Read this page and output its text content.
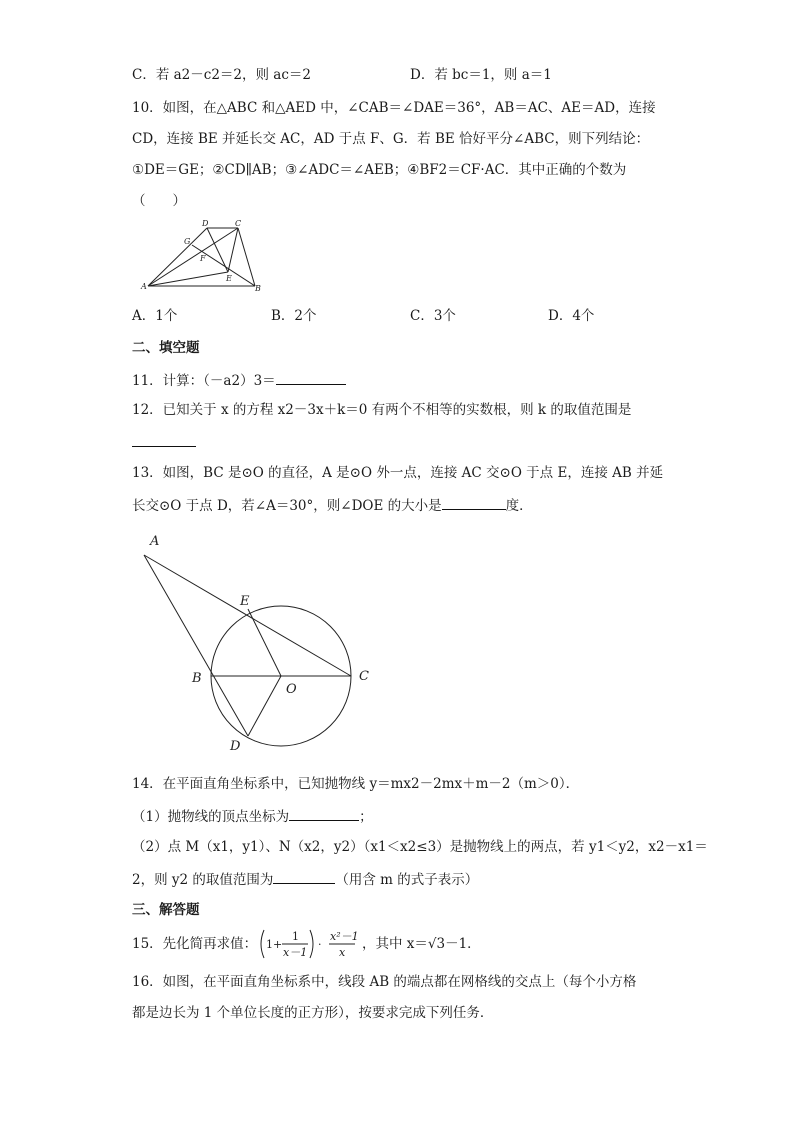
C．若 a2－c2＝2，则 ac＝2	D．若 bc＝1，则 a＝1
10．如图，在△ABC 和△AED 中，∠CAB＝∠DAE＝36°，AB＝AC、AE＝AD，连接
CD，连接 BE 并延长交 AC，AD 于点 F、G．若 BE 恰好平分∠ABC，则下列结论：
①DE＝GE；②CD∥AB；③∠ADC＝∠AEB；④BF2＝CF·AC．其中正确的个数为
（　　）
D	C
G
F
E
A	B
A．1个	B．2个	C．3个	D．4个
二、填空题
11．计算：（－a2）3＝
12．已知关于 x 的方程 x2－3x＋k＝0 有两个不相等的实数根，则 k 的取值范围是
13．如图，BC 是⊙O 的直径，A 是⊙O 外一点，连接 AC 交⊙O 于点 E，连接 AB 并延
长交⊙O 于点 D，若∠A＝30°，则∠DOE 的大小是	度．
A
E
B
O
C
D
14．在平面直角坐标系中，已知抛物线 y＝mx2－2mx＋m－2（m＞0）．
（1）抛物线的顶点坐标为	；
（2）点 M（x1，y1）、N（x2，y2）（x1＜x2≤3）是抛物线上的两点，若 y1＜y2，x2－x1＝
2，则 y2 的取值范围为	（用含 m 的式子表示）
三、解答题
15．先化简再求值： 1 +
1
x－1
·
x²－1
x
，其中 x＝√3－1．
16．如图，在平面直角坐标系中，线段 AB 的端点都在网格线的交点上（每个小方格
都是边长为 1 个单位长度的正方形），按要求完成下列任务．
